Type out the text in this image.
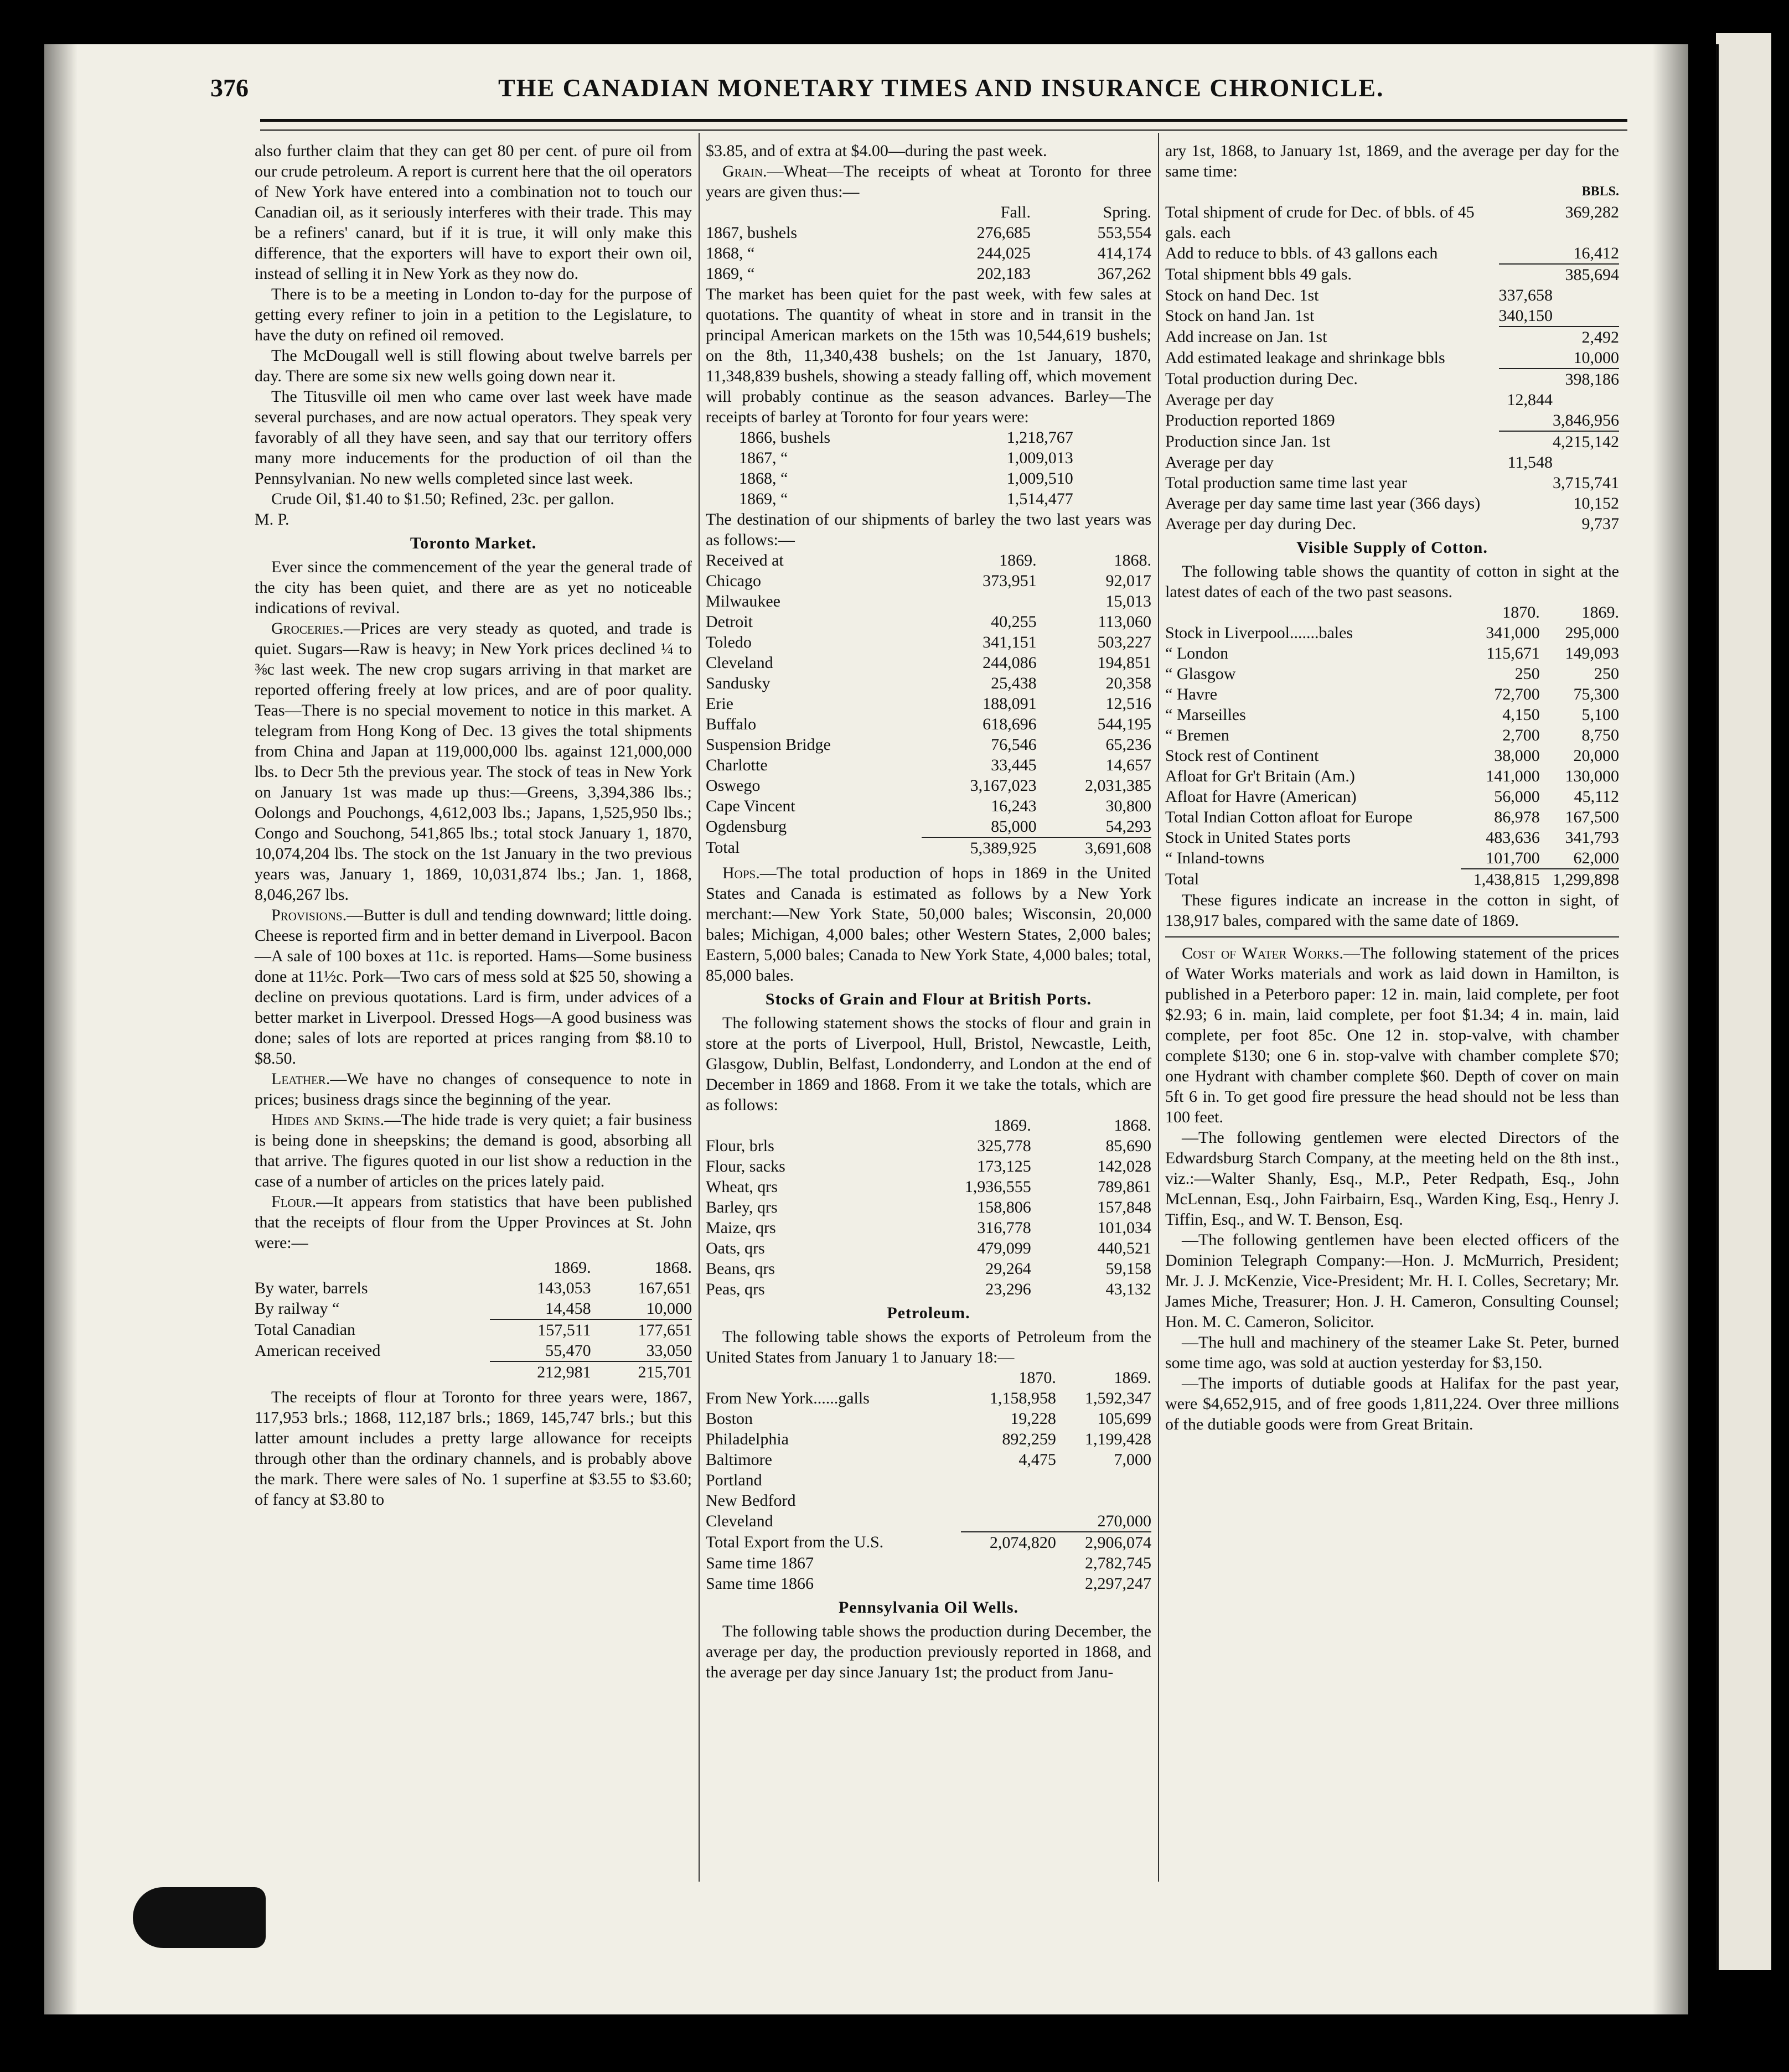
376	THE CANADIAN MONETARY TIMES AND INSURANCE CHRONICLE.

also further claim that they can get 80 per cent. of pure oil from our crude petroleum. A report is current here that the oil operators of New York have entered into a combination not to touch our Canadian oil, as it seriously interferes with their trade. This may be a refiners' canard, but if it is true, it will only make this difference, that the exporters will have to export their own oil, instead of selling it in New York as they now do.

There is to be a meeting in London to-day for the purpose of getting every refiner to join in a petition to the Legislature, to have the duty on refined oil removed.

The McDougall well is still flowing about twelve barrels per day. There are some six new wells going down near it.

The Titusville oil men who came over last week have made several purchases, and are now actual operators. They speak very favorably of all they have seen, and say that our territory offers many more inducements for the production of oil than the Pennsylvanian. No new wells completed since last week.

Crude Oil, $1.40 to $1.50; Refined, 23c. per gallon.

M. P.

Toronto Market.

Ever since the commencement of the year the general trade of the city has been quiet, and there are as yet no noticeable indications of revival.

Groceries.—Prices are very steady as quoted, and trade is quiet. Sugars—Raw is heavy; in New York prices declined ¼ to ⅜c last week. The new crop sugars arriving in that market are reported offering freely at low prices, and are of poor quality. Teas—There is no special movement to notice in this market. A telegram from Hong Kong of Dec. 13 gives the total shipments from China and Japan at 119,000,000 lbs. against 121,000,000 lbs. to Decr 5th the previous year. The stock of teas in New York on January 1st was made up thus:—Greens, 3,394,386 lbs.; Oolongs and Pouchongs, 4,612,003 lbs.; Japans, 1,525,950 lbs.; Congo and Souchong, 541,865 lbs.; total stock January 1, 1870, 10,074,204 lbs. The stock on the 1st January in the two previous years was, January 1, 1869, 10,031,874 lbs.; Jan. 1, 1868, 8,046,267 lbs.

Provisions.—Butter is dull and tending downward; little doing. Cheese is reported firm and in better demand in Liverpool. Bacon—A sale of 100 boxes at 11c. is reported. Hams—Some business done at 11½c. Pork—Two cars of mess sold at $25 50, showing a decline on previous quotations. Lard is firm, under advices of a better market in Liverpool. Dressed Hogs—A good business was done; sales of lots are reported at prices ranging from $8.10 to $8.50.

Leather.—We have no changes of consequence to note in prices; business drags since the beginning of the year.

Hides and Skins.—The hide trade is very quiet; a fair business is being done in sheepskins; the demand is good, absorbing all that arrive. The figures quoted in our list show a reduction in the case of a number of articles on the prices lately paid.

Flour.—It appears from statistics that have been published that the receipts of flour from the Upper Provinces at St. John were:—

	1869.	1868.
By water, barrels	143,053	167,651
By railway “	14,458	10,000
Total Canadian	157,511	177,651
American received	55,470	33,050
	212,981	215,701

The receipts of flour at Toronto for three years were, 1867, 117,953 brls.; 1868, 112,187 brls.; 1869, 145,747 brls.; but this latter amount includes a pretty large allowance for receipts through other than the ordinary channels, and is probably above the mark. There were sales of No. 1 superfine at $3.55 to $3.60; of fancy at $3.80 to

$3.85, and of extra at $4.00—during the past week.

Grain.—Wheat—The receipts of wheat at Toronto for three years are given thus:—

	Fall.	Spring.
1867, bushels	276,685	553,554
1868, “	244,025	414,174
1869, “	202,183	367,262

The market has been quiet for the past week, with few sales at quotations. The quantity of wheat in store and in transit in the principal American markets on the 15th was 10,544,619 bushels; on the 8th, 11,340,438 bushels; on the 1st January, 1870, 11,348,839 bushels, showing a steady falling off, which movement will probably continue as the season advances. Barley—The receipts of barley at Toronto for four years were:

1866, bushels	1,218,767
1867, “	1,009,013
1868, “	1,009,510
1869, “	1,514,477

The destination of our shipments of barley the two last years was as follows:—

Received at	1869.	1868.
Chicago	373,951	92,017
Milwaukee		15,013
Detroit	40,255	113,060
Toledo	341,151	503,227
Cleveland	244,086	194,851
Sandusky	25,438	20,358
Erie	188,091	12,516
Buffalo	618,696	544,195
Suspension Bridge	76,546	65,236
Charlotte	33,445	14,657
Oswego	3,167,023	2,031,385
Cape Vincent	16,243	30,800
Ogdensburg	85,000	54,293
Total	5,389,925	3,691,608

Hops.—The total production of hops in 1869 in the United States and Canada is estimated as follows by a New York merchant:—New York State, 50,000 bales; Wisconsin, 20,000 bales; Michigan, 4,000 bales; other Western States, 2,000 bales; Eastern, 5,000 bales; Canada to New York State, 4,000 bales; total, 85,000 bales.

Stocks of Grain and Flour at British Ports.

The following statement shows the stocks of flour and grain in store at the ports of Liverpool, Hull, Bristol, Newcastle, Leith, Glasgow, Dublin, Belfast, Londonderry, and London at the end of December in 1869 and 1868. From it we take the totals, which are as follows:

	1869.	1868.
Flour, brls	325,778	85,690
Flour, sacks	173,125	142,028
Wheat, qrs	1,936,555	789,861
Barley, qrs	158,806	157,848
Maize, qrs	316,778	101,034
Oats, qrs	479,099	440,521
Beans, qrs	29,264	59,158
Peas, qrs	23,296	43,132
Petroleum.

The following table shows the exports of Petroleum from the United States from January 1 to January 18:—

	1870.	1869.
From New York......galls	1,158,958	1,592,347
Boston	19,228	105,699
Philadelphia	892,259	1,199,428
Baltimore	4,475	7,000
Portland		
New Bedford		
Cleveland		270,000
Total Export from the U.S.	2,074,820	2,906,074
Same time 1867		2,782,745
Same time 1866		2,297,247
Pennsylvania Oil Wells.

The following table shows the production during December, the average per day, the production previously reported in 1868, and the average per day since January 1st; the product from Janu-

ary 1st, 1868, to January 1st, 1869, and the average per day for the same time:

BBLS.
Total shipment of crude for Dec. of bbls. of 45 gals. each		369,282
Add to reduce to bbls. of 43 gallons each		16,412
Total shipment bbls 49 gals.		385,694
Stock on hand Dec. 1st	337,658	
Stock on hand Jan. 1st	340,150	
Add increase on Jan. 1st		2,492
Add estimated leakage and shrinkage bbls		10,000
Total production during Dec.		398,186
Average per day	12,844	
Production reported 1869		3,846,956
Production since Jan. 1st		4,215,142
Average per day	11,548	
Total production same time last year		3,715,741
Average per day same time last year (366 days)		10,152
Average per day during Dec.		9,737
Visible Supply of Cotton.

The following table shows the quantity of cotton in sight at the latest dates of each of the two past seasons.

	1870.	1869.
Stock in Liverpool.......bales	341,000	295,000
“ London	115,671	149,093
“ Glasgow	250	250
“ Havre	72,700	75,300
“ Marseilles	4,150	5,100
“ Bremen	2,700	8,750
Stock rest of Continent	38,000	20,000
Afloat for Gr't Britain (Am.)	141,000	130,000
Afloat for Havre (American)	56,000	45,112
Total Indian Cotton afloat for Europe	86,978	167,500
Stock in United States ports	483,636	341,793
“ Inland-towns	101,700	62,000
Total	1,438,815	1,299,898

These figures indicate an increase in the cotton in sight, of 138,917 bales, compared with the same date of 1869.

Cost of Water Works.—The following statement of the prices of Water Works materials and work as laid down in Hamilton, is published in a Peterboro paper: 12 in. main, laid complete, per foot $2.93; 6 in. main, laid complete, per foot $1.34; 4 in. main, laid complete, per foot 85c. One 12 in. stop-valve, with chamber complete $130; one 6 in. stop-valve with chamber complete $70; one Hydrant with chamber complete $60. Depth of cover on main 5ft 6 in. To get good fire pressure the head should not be less than 100 feet.

—The following gentlemen were elected Directors of the Edwardsburg Starch Company, at the meeting held on the 8th inst., viz.:—Walter Shanly, Esq., M.P., Peter Redpath, Esq., John McLennan, Esq., John Fairbairn, Esq., Warden King, Esq., Henry J. Tiffin, Esq., and W. T. Benson, Esq.

—The following gentlemen have been elected officers of the Dominion Telegraph Company:—Hon. J. McMurrich, President; Mr. J. J. McKenzie, Vice-President; Mr. H. I. Colles, Secretary; Mr. James Miche, Treasurer; Hon. J. H. Cameron, Consulting Counsel; Hon. M. C. Cameron, Solicitor.

—The hull and machinery of the steamer Lake St. Peter, burned some time ago, was sold at auction yesterday for $3,150.

—The imports of dutiable goods at Halifax for the past year, were $4,652,915, and of free goods 1,811,224. Over three millions of the dutiable goods were from Great Britain.
